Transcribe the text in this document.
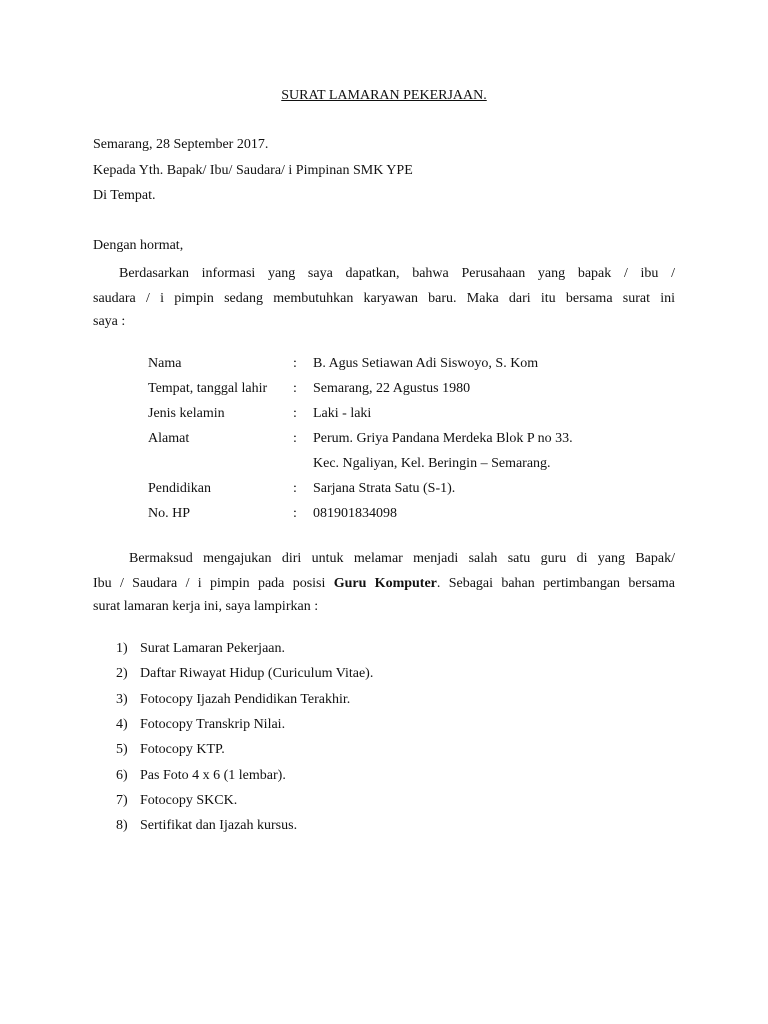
SURAT LAMARAN PEKERJAAN.
Semarang, 28 September 2017.
Kepada Yth. Bapak/ Ibu/ Saudara/ i Pimpinan SMK YPE
Di Tempat.
Dengan hormat,
Berdasarkan informasi yang saya dapatkan, bahwa Perusahaan yang bapak / ibu /
saudara / i pimpin sedang membutuhkan karyawan baru. Maka dari itu bersama surat ini
saya :
Nama	: B. Agus Setiawan Adi Siswoyo, S. Kom
Tempat, tanggal lahir : Semarang, 22 Agustus 1980
Jenis kelamin	: Laki - laki
Alamat	: Perum. Griya Pandana Merdeka Blok P no 33.
Kec. Ngaliyan, Kel. Beringin – Semarang.
Pendidikan	: Sarjana Strata Satu (S-1).
No. HP	: 081901834098
Bermaksud mengajukan diri untuk melamar menjadi salah satu guru di yang Bapak/
Ibu / Saudara / i pimpin pada posisi Guru Komputer. Sebagai bahan pertimbangan bersama
surat lamaran kerja ini, saya lampirkan :
1) Surat Lamaran Pekerjaan.
2) Daftar Riwayat Hidup (Curiculum Vitae).
3) Fotocopy Ijazah Pendidikan Terakhir.
4) Fotocopy Transkrip Nilai.
5) Fotocopy KTP.
6) Pas Foto 4 x 6 (1 lembar).
7) Fotocopy SKCK.
8) Sertifikat dan Ijazah kursus.
